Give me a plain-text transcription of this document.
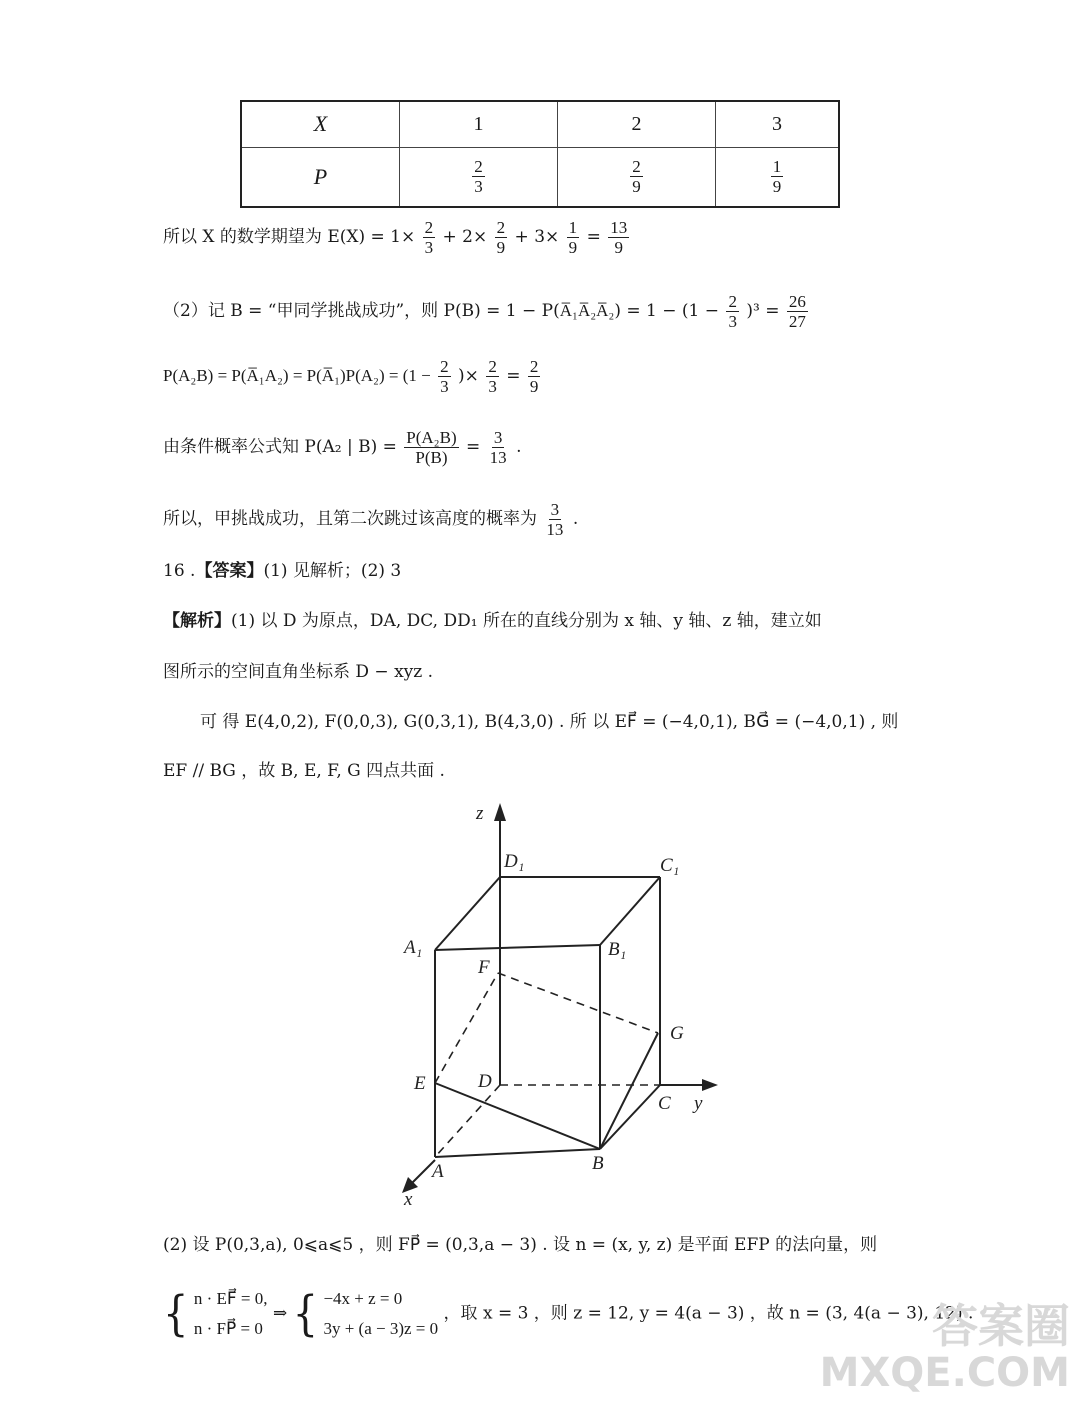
X	1	2	3
P	$\frac{2}{3}$	$\frac{2}{9}$	$\frac{1}{9}$
所以 X 的数学期望为 $E(X) = 1\times \frac{2}{3} + 2\times \frac{2}{9} + 3\times \frac{1}{9} = \frac{13}{9}$
（2）记 B = “甲同学挑战成功”，则 P(B) = 1 − P(A̅₁A̅₂A̅₂) = $1 - (1 - \frac{2}{3} )^3 = \frac{26}{27}$
P(A₂B) = P(A̅₁A₂) = P(A̅₁)P(A₂) = ($1 - \frac{2}{3}$ )× $\frac{2}{3} = \frac{2}{9}$
由条件概率公式知 P(A₂ | $B) = \frac{\text{P(A₂B)}}{P(B)} = \frac{3}{13}$ .
所以，甲挑战成功，且第二次跳过该高度的概率为 $\frac{3}{13}$ .
16 .【答案】(1) 见解析；(2) 3
【解析】(1) 以 D 为原点，DA, DC, DD₁ 所在的直线分别为 x 轴、y 轴、z 轴，建立如
图所示的空间直角坐标系 D − xyz .
可 得 E(4,0,2), F(0,0,3), G(0,3,1), B(4,3,0) . 所 以 EF⃗ = (−4,0,1), BG⃗ = (−4,0,1) , 则
EF // BG ，故 B, E, F, G 四点共面 .
z
D₁	C₁
A₁	B₁
F
G
E	D
C y
A	B
x
(2) 设 P(0,3,a), 0⩽a⩽5 ，则 FP⃗ = (0,3,a − 3) . 设 n = (x, y, z) 是平面 EFP 的法向量，则
{ n · EF⃗ = 0,
n · FP⃗ = 0
⇒ { −4x + z = 0
3y + (a − 3)z = 0
，取 x = 3 ，则 z = 12, y = 4(a − 3) ，故 n = (3, 4(a − 3), 12) .
答案圈
MXQE.COM
